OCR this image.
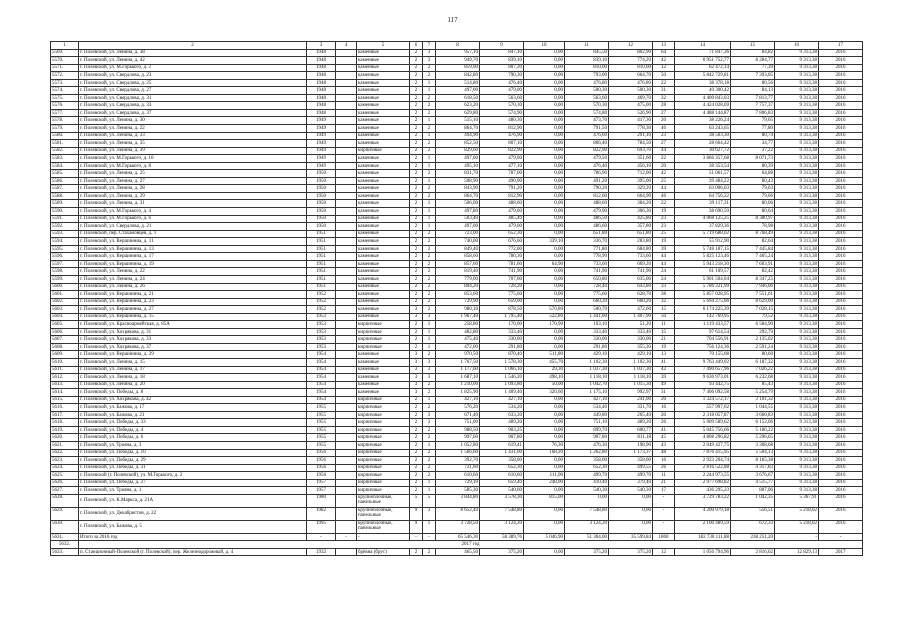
117
1	2	3	4	5	6	7	8	9	10	11	12	13	14	15	16	17
5569.	г. Полевской, ул. Ленина, д. 38	1948		каменные	2	3	957,10	847,10	0,00	845,50	802,90	64	71 847,36	84,82	9 313,38	2016
5570.	г. Полевской, ул. Ленина, д. 42	1948		каменные	2	3	949,70	839,10	0,00	839,10	774,20	42	6 951 752,77	8 284,77	9 313,38	2016
5571.	г. Полевской, ул. М.Горького, д. 2	1948		каменные	2	2	859,00	807,20	0,00	810,00	810,00	12	62 472,14	77,39	9 313,38	2016
5572.	г. Полевской, ул. Свердлова, д. 23	1948		каменные	2	2	842,80	790,30	0,00	793,00	664,70	50	5 842 729,81	7 393,05	9 313,38	2016
5573.	г. Полевской, ул. Свердлова, д. 25	1948		каменные	2	1	514,80	476,40	0,00	476,80	476,80	22	38 378,18	80,56	9 313,38	2016
5574.	г. Полевской, ул. Свердлова, д. 27	1948		каменные	2	1	497,00	479,00	0,00	500,30	500,30	31	40 300,42	84,13	9 313,38	2016
5575.	г. Полевской, ул. Свердлова, д. 31	1948		каменные	2	2	618,50	563,60	0,00	563,60	469,70	32	4 400 843,03	7 813,77	9 313,38	2016
5576.	г. Полевской, ул. Свердлова, д. 33	1948		каменные	2	2	623,20	570,30	0,00	570,30	475,00	28	4 424 028,69	7 757,37	9 313,38	2016
5577.	г. Полевской, ул. Свердлова, д. 37	1948		каменные	2	2	629,80	574,90	0,00	574,80	526,90	27	4 488 144,87	7 806,83	9 313,38	2016
5578.	г. Полевской, ул. Ленина, д. 30	1949		каменные	2	1	515,10	480,30	0,00	473,70	417,30	20	38 226,24	79,65	9 313,38	2016
5579.	г. Полевской, ул. Ленина, д. 22	1949		каменные	2	2	864,70	812,90	0,00	791,50	778,30	46	63 243,65	77,80	9 313,38	2016
5580.	г. Полевской, ул. Ленина, д. 33	1949		каменные	2	1	494,90	476,90	0,00	476,60	291,10	23	38 503,30	80,74	9 313,38	2016
5581.	г. Полевской, ул. Ленина, д. 35	1949		каменные	2	2	852,50	807,10	0,00	806,40	784,50	27	28 664,42	34,77	9 313,38	2016
5582.	г. Полевской, ул. Ленина, д. 39	1949		кирпичные	2	2	829,60	822,90	0,00	822,90	693,70	44	30 627,72	37,22	9 313,38	2016
5583.	г. Полевской, ул. М.Горького, д. 10	1949		каменные	2	1	497,00	479,00	0,00	479,50	351,60	22	3 866 357,68	8 071,73	9 313,38	2016
5584.	г. Полевской, ул. М.Горького, д. 8	1949		каменные	2	1	495,10	477,10	0,00	476,40	456,10	20	38 353,54	80,39	9 313,38	2016
5585.	г. Полевской, ул. Ленина, д. 25	1950		каменные	2	2	831,70	787,00	0,00	786,90	712,00	42	51 061,57	64,88	9 313,38	2016
5586.	г. Полевской, ул. Ленина, д. 27	1950		каменные	2	1	508,90	490,90	0,00	491,20	395,00	25	39 484,22	80,43	9 313,38	2016
5587.	г. Полевской, ул. Ленина, д. 28	1950		каменные	2	2	843,90	791,20	0,00	790,20	329,20	44	63 006,03	79,63	9 313,38	2016
5588.	г. Полевской, ул. Ленина, д. 29	1950		каменные	2	2	864,70	812,90	0,00	812,60	664,90	46	64 756,22	79,66	9 313,38	2016
5589.	г. Полевской, ул. Ленина, д. 31	1950		каменные	2	1	506,00	488,60	0,00	488,60	384,20	22	39 117,31	80,06	9 313,38	2016
5590.	г. Полевской, ул. М.Горького, д. 4	1950		каменные	2	1	497,80	479,00	0,00	479,90	306,30	19	38 690,50	80,64	9 313,38	2016
5591.	г. Полевской, ул. М.Горького, д. 6	1950		каменные	2	1	503,40	485,40	0,00	486,50	425,80	23	4 068 125,25	8 380,97	9 313,38	2016
5592.	г. Полевской, ул. Свердлова, д. 21	1950		каменные	2	1	497,00	479,00	0,00	486,60	357,80	23	37 829,36	78,98	9 313,38	2016
5593.	г. Полевской, пер. Стахановцев, д. 1	1951		каменные	2	2	723,00	652,30	0,00	651,80	651,80	25	5 719 688,02	8 768,49	9 313,38	2016
5594.	г. Полевской, ул. Вершинина, д. 11	1951		каменные	2	2	740,00	676,60	339,10	336,70	283,80	19	55 912,90	82,64	9 313,38	2016
5595.	г. Полевской, ул. Вершинина, д. 13	1951		каменные	2	2	849,40	772,00	0,00	771,80	684,80	39	5 748 187,15	7 445,84	9 313,38	2016
5596.	г. Полевской, ул. Вершинина, д. 17	1951		каменные	2	2	858,60	780,30	0,00	778,90	733,60	44	5 825 123,46	7 465,24	9 313,38	2016
5597.	г. Полевской, ул. Вершинина, д. 19	1951		каменные	2	2	857,60	781,60	64,90	733,60	669,20	44	5 943 218,30	7 603,91	9 313,38	2016
5598.	г. Полевской, ул. Ленина, д. 22	1951		каменные	2	2	819,40	741,90	0,00	741,90	741,90	24	61 109,57	82,42	9 313,38	2016
5599.	г. Полевской, ул. Ленина, д. 24	1951		каменные	2	2	779,00	707,00	0,00	650,80	635,00	24	5 901 504,04	8 347,25	9 313,38	2016
5600.	г. Полевской, ул. Ленина, д. 26	1951		каменные	2	2	804,20	728,20	0,00	728,40	643,80	33	5 786 321,99	7 946,06	9 313,38	2016
5601.	г. Полевской, ул. Вершинина, д. 21	1952		каменные	2	2	853,60	775,60	0,00	775,60	628,70	38	5 857 028,95	7 551,61	9 313,38	2016
5602.	г. Полевской, ул. Вершинина, д. 23	1952		каменные	2	2	729,90	659,00	0,00	660,20	660,20	32	5 694 275,06	8 629,00	9 313,38	2016
5603.	г. Полевской, ул. Вершинина, д. 27	1952		каменные	3	2	980,10	878,50	570,80	500,70	472,60	15	6 174 225,39	7 028,15	9 313,38	2016
5604.	г. Полевской, ул. Вершинина, д. 15	1953		каменные	3	3	1 967,40	1 795,40	522,80	1 441,60	1 407,90	50	142 769,95	79,52	9 313,38	2016
5605.	г. Полевской, ул. Красноармейская, д. 85А	1953		кирпичные	2	1	258,80	170,00	170,90	103,10	51,20	11	1 119 433,57	6 584,90	9 313,38	2016
5606.	г. Полевской, ул. Хохрякова, д. 31	1953		кирпичные	2	1	482,80	333,40	0,00	333,40	333,40	15	97 614,54	292,79	9 313,38	2016
5607.	г. Полевской, ул. Хохрякова, д. 33	1953		кирпичные	2	1	475,40	330,00	0,00	330,00	330,00	21	704 556,91	2 135,02	9 313,38	2016
5608.	г. Полевской, ул. Хохрякова, д. 37	1953		кирпичные	2	1	472,00	291,80	0,00	291,80	355,30	19	756 124,36	2 591,24	9 313,38	2016
5609.	г. Полевской, ул. Вершинина, д. 29	1954		каменные	3	2	970,50	870,40	511,80	429,10	429,10	13	70 155,08	80,60	9 313,38	2016
5610.	г. Полевской, ул. Ленина, д. 15	1954		каменные	3	3	1 767,50	1 578,30	455,70	1 102,30	1 102,30	41	9 763 449,02	6 187,32	9 313,38	2016
5611.	г. Полевской, ул. Ленина, д. 17	1954		каменные	3	3	1 177,60	1 066,10	29,30	1 037,30	1 037,30	42	7 490 657,96	7 026,22	9 313,38	2016
5612.	г. Полевской, ул. Ленина, д. 18	1954		каменные	3	3	1 687,10	1 546,20	498,10	1 118,10	1 118,10	39	9 636 973,01	6 232,68	9 313,38	2016
5613.	г. Полевской, ул. Ленина, д. 20	1954		каменные	3	2	1 210,00	1 093,80	50,00	1 042,70	1 015,30	49	93 442,75	85,43	9 313,38	2016
5614.	г. Полевской, ул. Победы, д. 8	1954		каменные	3	2	1 825,90	1 409,40	320,60	1 175,10	992,97	31	7 406 092,58	5 254,79	9 313,38	2016
5615.	г. Полевской, ул. Хохрякова, д. 42	1954		кирпичные	2	1	427,10	427,10	0,00	427,10	241,00	20	1 324 572,17	3 101,32	9 313,38	2016
5616.	г. Полевской, ул. Бажова, д. 17	1955		кирпичные	2	2	576,20	534,20	0,00	534,40	331,70	16	557 997,02	1 044,55	9 313,38	2016
5617.	г. Полевской, ул. Бажова, д. 21	1955		кирпичные	2	3	671,40	633,20	0,00	449,80	265,40	20	2 318 057,87	3 660,83	9 313,38	2016
5618.	г. Полевской, ул. Победы, д. 33	1955		кирпичные	2	3	751,00	489,20	0,00	751,10	489,20	26	5 009 589,62	6 152,06	9 313,38	2016
5619.	г. Полевской, ул. Победы, д. 4	1955		кирпичные	2	2	988,50	903,25	0,00	899,70	600,77	41	5 045 756,66	5 186,22	9 313,38	2016
5620.	г. Полевской, ул. Победы, д. 6	1955		кирпичные	2	2	997,60	907,80	0,00	907,80	811,18	45	4 808 296,82	5 296,65	9 313,38	2016
5621.	г. Полевской, ул. Трояна, д. 3	1955		кирпичные	2	1	1 052,80	619,41	76,30	476,30	198,90	43	2 049 427,75	3 308,68	9 313,38	2016
5622.	г. Полевской, ул. Победы, д. 10	1956		кирпичные	2	2	1 566,60	1 431,00	168,20	1 262,80	1 173,37	48	7 876 415,95	5 504,13	9 313,38	2016
5623.	г. Полевской, ул. Победы, д. 29	1956		кирпичные	2	2	392,70	358,00	0,00	358,00	358,00	16	2 923 204,74	8 165,38	9 313,38	2016
5624.	г. Полевской, ул. Победы, д. 31	1956		кирпичные	2	2	721,60	652,30	0,00	652,30	499,55	26	2 816 522,88	4 317,83	9 313,38	2016
5625.	г. Полевской (г. Полевской), ул. М.Горького, д. 2	1956		кирпичные	2	2	610,60	610,60	111,00	499,70	499,70	11	2 244 973,55	3 676,67	9 313,38	2016
5626.	г. Полевской, ул. Победы, д. 27	1957		кирпичные	2	1	729,10	659,40	248,00	410,40	379,40	21	2 977 698,82	4 515,77	9 313,38	2016
5627.	г. Полевской, ул. Трояна, д. 1	1957		кирпичные	2	1	585,30	540,60	0,00	540,30	540,30	17	436 295,23	807,06	9 313,38	2016
5628.	г. Полевской, ул. К.Маркса, д. 21А	1980		крупноблочные, панельные	5	5	3 844,80	3 578,30	815,00	0,00	0,00	-	3 729 783,22	1 042,35	5 367,91	2016
5629.	г. Полевской, ул. Декабристов, д. 22	1982		крупноблочные, панельные	9	3	8 652,40	7 548,80	0,00	7 548,80	0,00	-	4 200 979,18	556,51	5 218,02	2016
5630.	г. Полевской, ул. Бажова, д. 5	1995		крупноблочные, панельные	9	1	3 728,50	3 124,20	0,00	3 124,20	0,00	-	2 100 489,59	672,33	5 218,02	2016
5631.	Итого за 2016 год	-	-	-	-	-	65 546,30	58 389,76	5 046,90	51 304,00	35 599,84	1860	182 730 111,88	238 251,20	-	-
5632.	2017 год															
5633.	п. Станционный-Полевской (г. Полевской), пер. Железнодорожный, д. 4	1932		брёвна (брус)	2	2	465,50	375,20	0,00	375,20	375,20	12	1 056 794,96	2 816,62	12 829,13	2017
